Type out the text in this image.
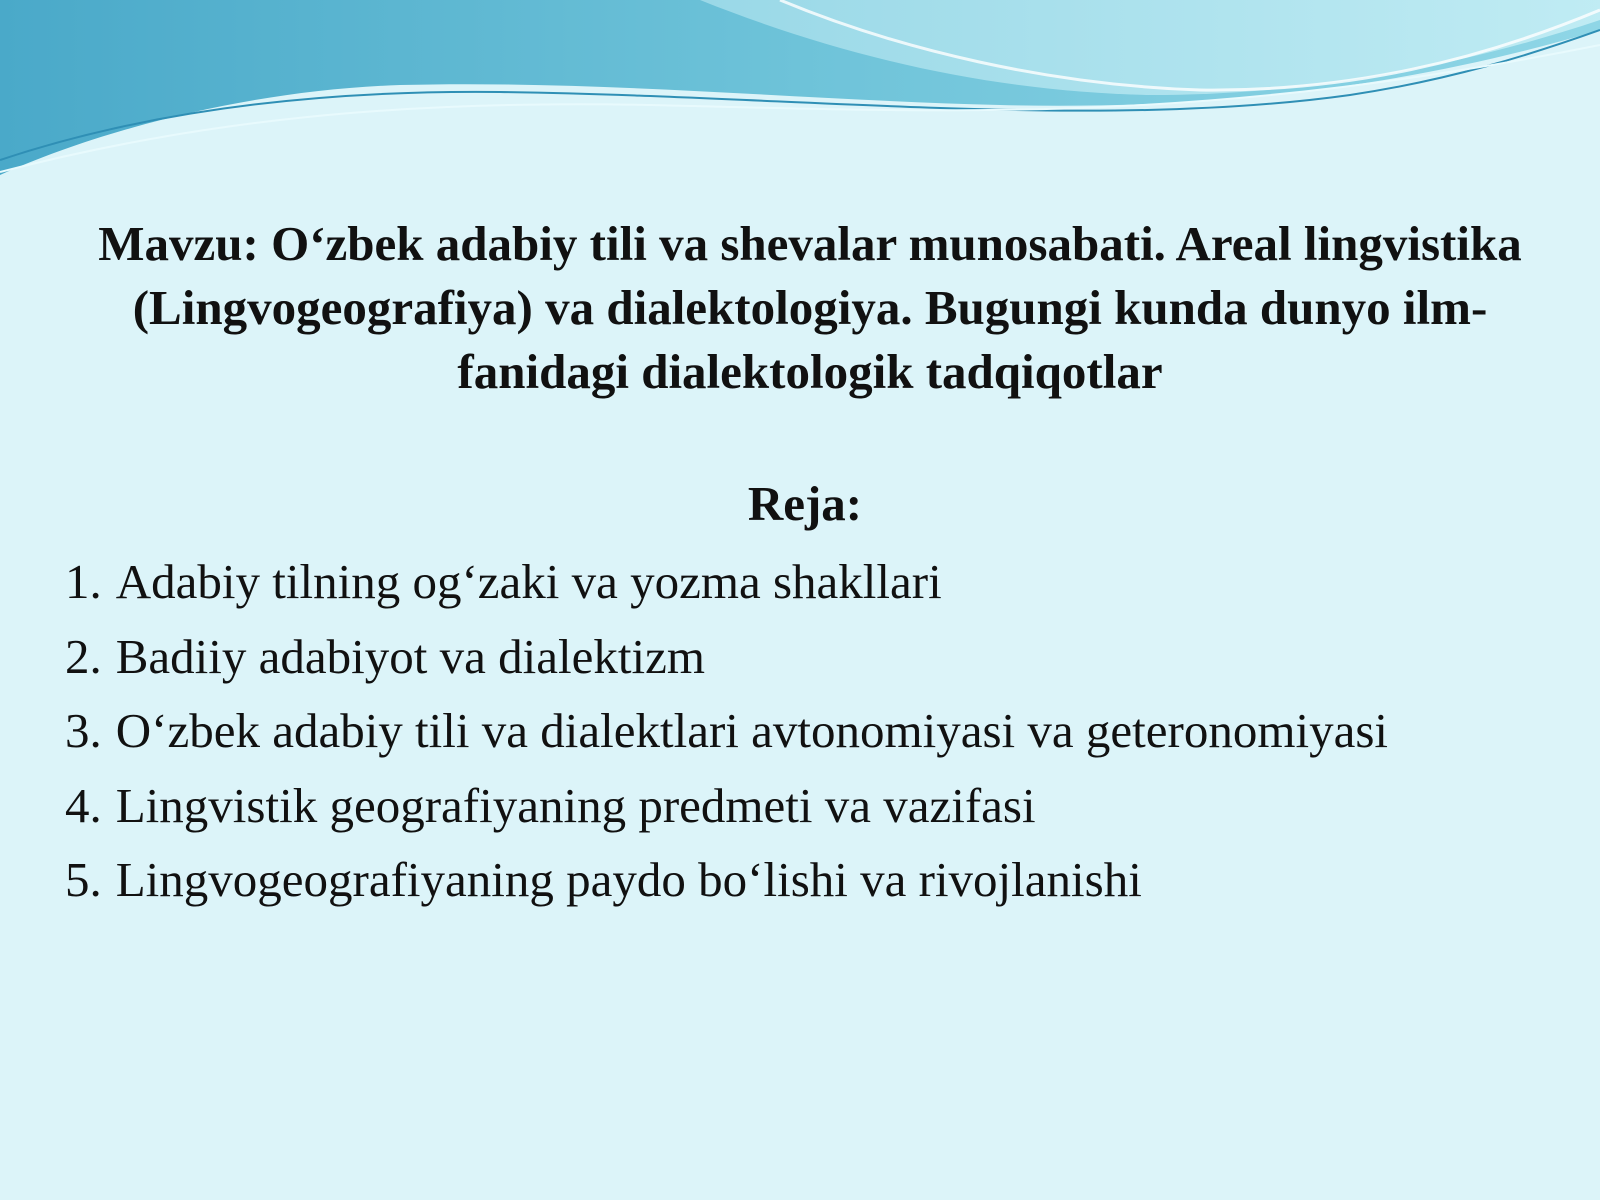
Mavzu: O‘zbek adabiy tili va shevalar munosabati. Areal lingvistika (Lingvogeografiya) va dialektologiya. Bugungi kunda dunyo ilm-fanidagi dialektologik tadqiqotlar
Reja:
1. Adabiy tilning og‘zaki va yozma shakllari
2. Badiiy adabiyot va dialektizm
3. O‘zbek adabiy tili va dialektlari avtonomiyasi va geteronomiyasi
4. Lingvistik geografiyaning predmeti va vazifasi
5. Lingvogeografiyaning paydo bo‘lishi va rivojlanishi
